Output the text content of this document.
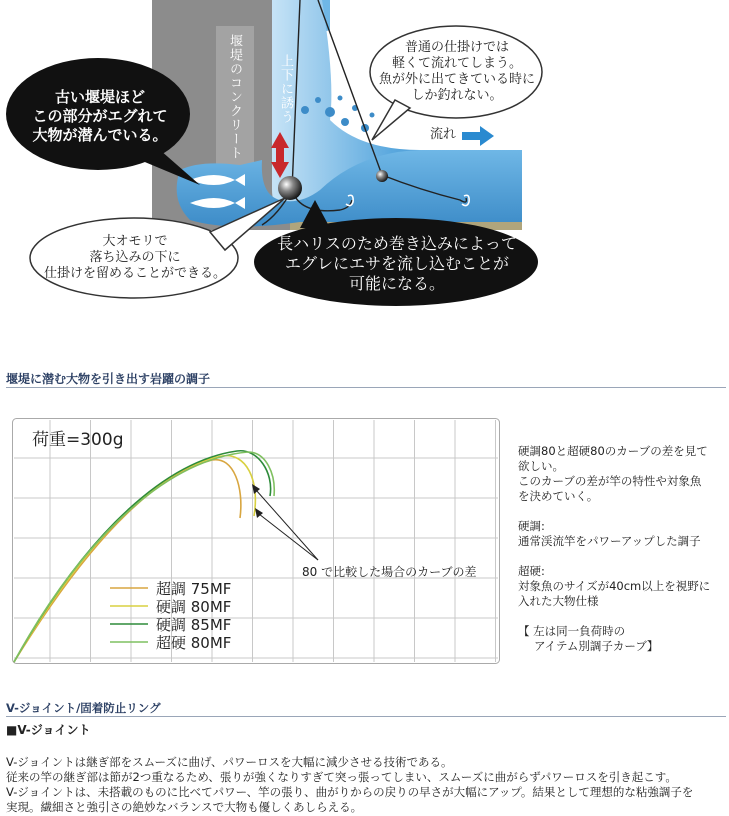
堰堤のコンクリート	上下に誘う
流れ
古い堰堤ほど
この部分がエグれて
大物が潜んでいる。
普通の仕掛けでは
軽くて流れてしまう。
魚が外に出てきている時に
しか釣れない。
大オモリで
落ち込みの下に
仕掛けを留めることができる。
長ハリスのため巻き込みによって
エグレにエサを流し込むことが
可能になる。
堰堤に潜む大物を引き出す岩躍の調子
荷重=300g
80 で比較した場合のカーブの差
超調 75MF
硬調 80MF
硬調 85MF
超硬 80MF

硬調80と超硬80のカーブの差を見て

欲しい。

このカーブの差が竿の特性や対象魚

を決めていく。

硬調:

通常渓流竿をパワーアップした調子

超硬:

対象魚のサイズが40cm以上を視野に

入れた大物仕様

【 左は同一負荷時の

アイテム別調子カーブ】

V-ジョイント/固着防止リング
■V-ジョイント

V-ジョイントは継ぎ部をスムーズに曲げ、パワーロスを大幅に減少させる技術である。

従来の竿の継ぎ部は節が2つ重なるため、張りが強くなりすぎて突っ張ってしまい、スムーズに曲がらずパワーロスを引き起こす。

V-ジョイントは、未搭載のものに比べてパワー、竿の張り、曲がりからの戻りの早さが大幅にアップ。結果として理想的な粘強調子を

実現。繊細さと強引さの絶妙なバランスで大物も優しくあしらえる。
